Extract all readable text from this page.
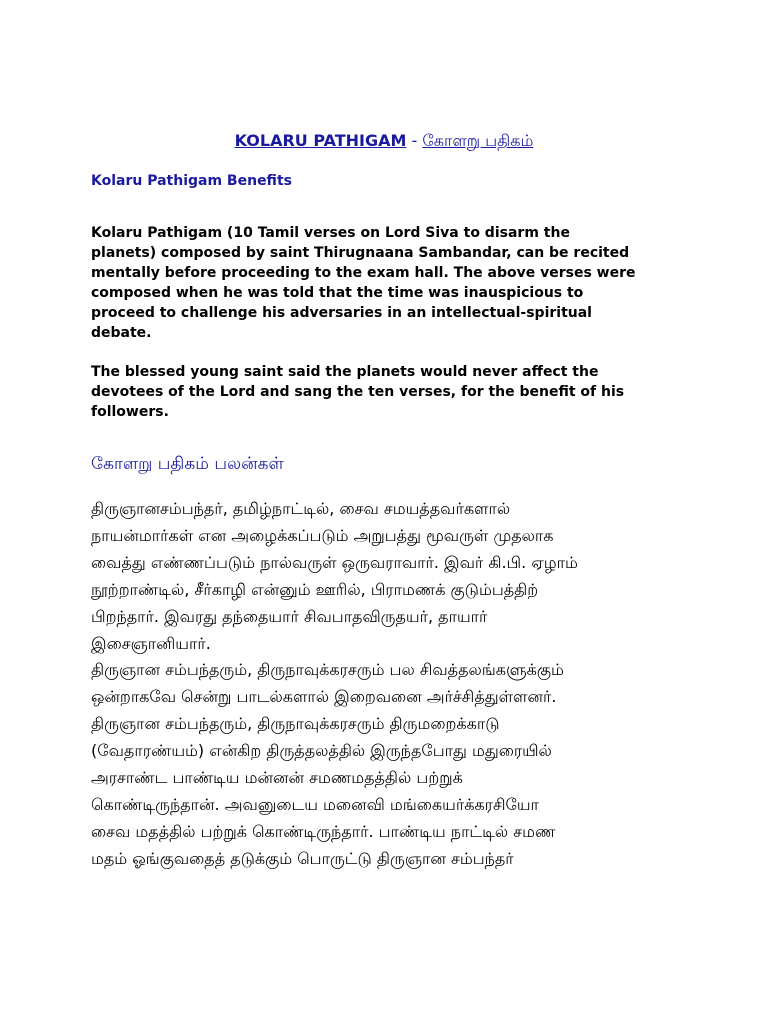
KOLARU PATHIGAM - கோளறு பதிகம்
Kolaru Pathigam Benefits
Kolaru Pathigam (10 Tamil verses on Lord Siva to disarm the
planets) composed by saint Thirugnaana Sambandar, can be recited
mentally before proceeding to the exam hall. The above verses were
composed when he was told that the time was inauspicious to
proceed to challenge his adversaries in an intellectual-spiritual
debate.
The blessed young saint said the planets would never affect the
devotees of the Lord and sang the ten verses, for the benefit of his
followers.
கோளறு பதிகம் பலன்கள்
திருஞானசம்பந்தர், தமிழ்நாட்டில், சைவ சமயத்தவர்களால்
நாயன்மார்கள் என அழைக்கப்படும் அறுபத்து மூவருள் முதலாக
வைத்து எண்ணப்படும் நால்வருள் ஒருவராவார். இவர் கி.பி. ஏழாம்
நூற்றாண்டில், சீர்காழி என்னும் ஊரில், பிராமணக் குடும்பத்திற்
பிறந்தார். இவரது தந்தையார் சிவபாதவிருதயர், தாயார்
இசைஞானியார்.
திருஞான சம்பந்தரும், திருநாவுக்கரசரும் பல சிவத்தலங்களுக்கும்
ஒன்றாகவே சென்று பாடல்களால் இறைவனை அர்ச்சித்துள்ளனர்.
திருஞான சம்பந்தரும், திருநாவுக்கரசரும் திருமறைக்காடு
(வேதாரண்யம்) என்கிற திருத்தலத்தில் இருந்தபோது மதுரையில்
அரசாண்ட பாண்டிய மன்னன் சமணமதத்தில் பற்றுக்
கொண்டிருந்தான். அவனுடைய மனைவி மங்கையர்க்கரசியோ
சைவ மதத்தில் பற்றுக் கொண்டிருந்தார். பாண்டிய நாட்டில் சமண
மதம் ஓங்குவதைத் தடுக்கும் பொருட்டு திருஞான சம்பந்தர்
